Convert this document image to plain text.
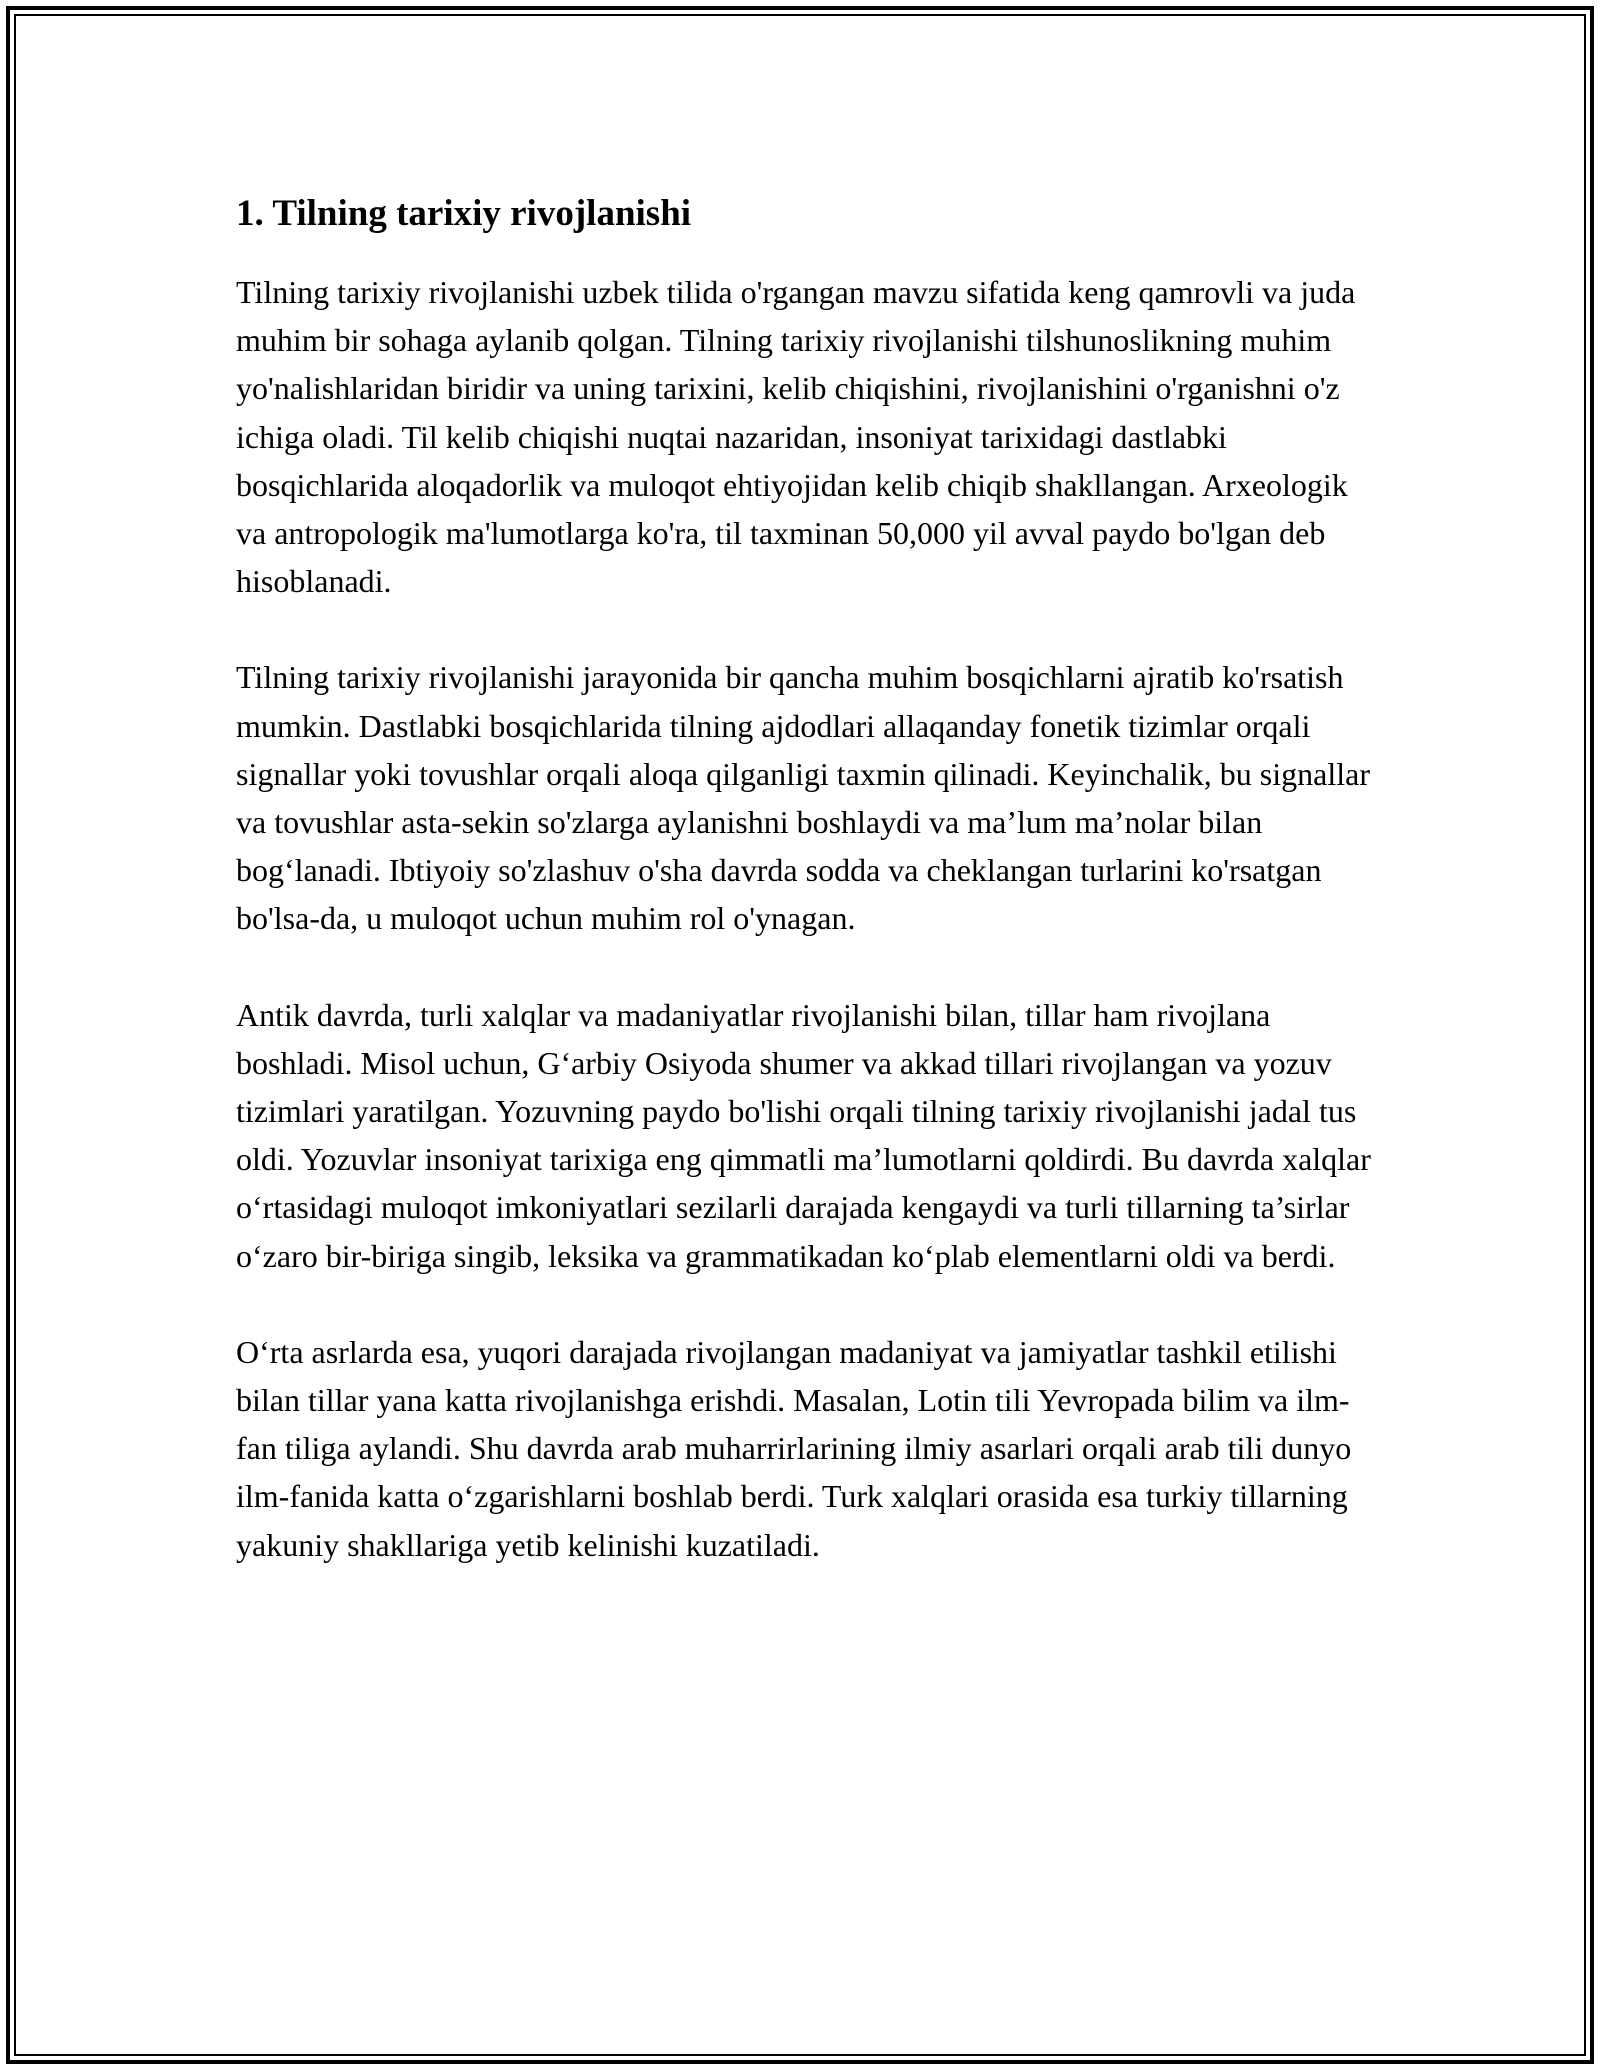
1. Tilning tarixiy rivojlanishi

Tilning tarixiy rivojlanishi uzbek tilida o'rgangan mavzu sifatida keng qamrovli va juda muhim bir sohaga aylanib qolgan. Tilning tarixiy rivojlanishi tilshunoslikning muhim yo'nalishlaridan biridir va uning tarixini, kelib chiqishini, rivojlanishini o'rganishni o'z ichiga oladi. Til kelib chiqishi nuqtai nazaridan, insoniyat tarixidagi dastlabki bosqichlarida aloqadorlik va muloqot ehtiyojidan kelib chiqib shakllangan. Arxeologik va antropologik ma'lumotlarga ko'ra, til taxminan 50,000 yil avval paydo bo'lgan deb hisoblanadi.

Tilning tarixiy rivojlanishi jarayonida bir qancha muhim bosqichlarni ajratib ko'rsatish mumkin. Dastlabki bosqichlarida tilning ajdodlari allaqanday fonetik tizimlar orqali signallar yoki tovushlar orqali aloqa qilganligi taxmin qilinadi. Keyinchalik, bu signallar va tovushlar asta-sekin so'zlarga aylanishni boshlaydi va ma’lum ma’nolar bilan bog‘lanadi. Ibtiyoiy so'zlashuv o'sha davrda sodda va cheklangan turlarini ko'rsatgan bo'lsa-da, u muloqot uchun muhim rol o'ynagan.

Antik davrda, turli xalqlar va madaniyatlar rivojlanishi bilan, tillar ham rivojlana boshladi. Misol uchun, G‘arbiy Osiyoda shumer va akkad tillari rivojlangan va yozuv tizimlari yaratilgan. Yozuvning paydo bo'lishi orqali tilning tarixiy rivojlanishi jadal tus oldi. Yozuvlar insoniyat tarixiga eng qimmatli ma’lumotlarni qoldirdi. Bu davrda xalqlar o‘rtasidagi muloqot imkoniyatlari sezilarli darajada kengaydi va turli tillarning ta’sirlar o‘zaro bir-biriga singib, leksika va grammatikadan ko‘plab elementlarni oldi va berdi.

O‘rta asrlarda esa, yuqori darajada rivojlangan madaniyat va jamiyatlar tashkil etilishi bilan tillar yana katta rivojlanishga erishdi. Masalan, Lotin tili Yevropada bilim va ilm-fan tiliga aylandi. Shu davrda arab muharrirlarining ilmiy asarlari orqali arab tili dunyo ilm-fanida katta o‘zgarishlarni boshlab berdi. Turk xalqlari orasida esa turkiy tillarning yakuniy shakllariga yetib kelinishi kuzatiladi.
